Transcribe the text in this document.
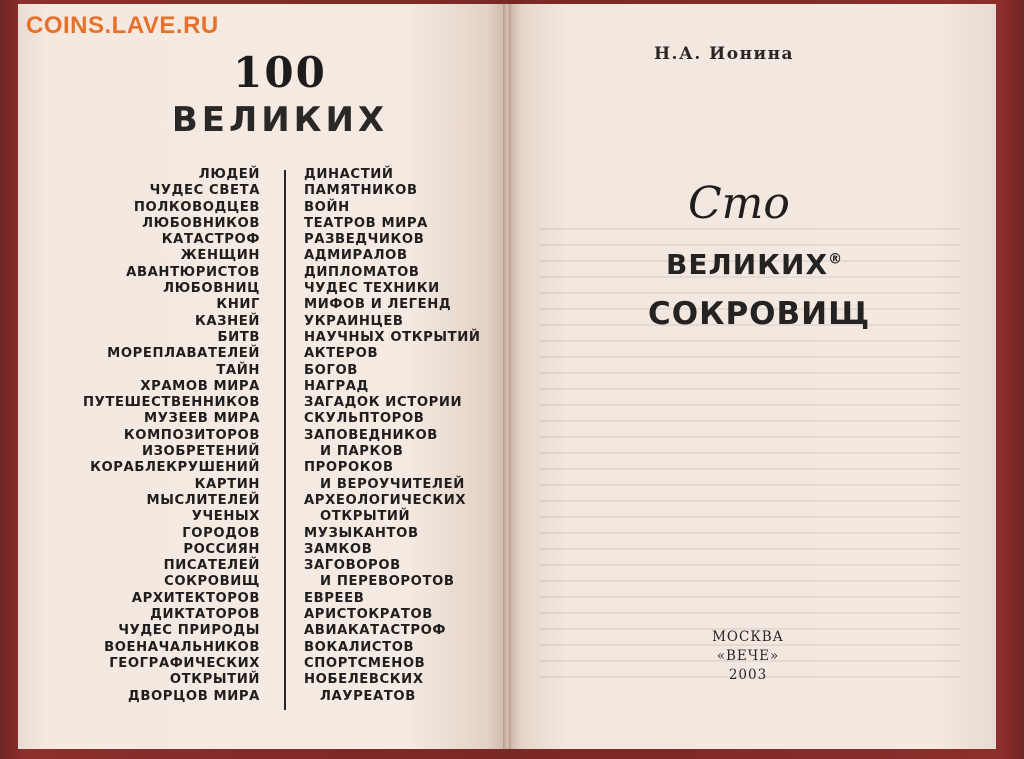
COINS.LAVE.RU
100
ВЕЛИКИХ
ЛЮДЕЙ
ЧУДЕС СВЕТА
ПОЛКОВОДЦЕВ
ЛЮБОВНИКОВ
КАТАСТРОФ
ЖЕНЩИН
АВАНТЮРИСТОВ
ЛЮБОВНИЦ
КНИГ
КАЗНЕЙ
БИТВ
МОРЕПЛАВАТЕЛЕЙ
ТАЙН
ХРАМОВ МИРА
ПУТЕШЕСТВЕННИКОВ
МУЗЕЕВ МИРА
КОМПОЗИТОРОВ
ИЗОБРЕТЕНИЙ
КОРАБЛЕКРУШЕНИЙ
КАРТИН
МЫСЛИТЕЛЕЙ
УЧЕНЫХ
ГОРОДОВ
РОССИЯН
ПИСАТЕЛЕЙ
СОКРОВИЩ
АРХИТЕКТОРОВ
ДИКТАТОРОВ
ЧУДЕС ПРИРОДЫ
ВОЕНАЧАЛЬНИКОВ
ГЕОГРАФИЧЕСКИХ
ОТКРЫТИЙ
ДВОРЦОВ МИРА
ДИНАСТИЙ
ПАМЯТНИКОВ
ВОЙН
ТЕАТРОВ МИРА
РАЗВЕДЧИКОВ
АДМИРАЛОВ
ДИПЛОМАТОВ
ЧУДЕС ТЕХНИКИ
МИФОВ И ЛЕГЕНД
УКРАИНЦЕВ
НАУЧНЫХ ОТКРЫТИЙ
АКТЕРОВ
БОГОВ
НАГРАД
ЗАГАДОК ИСТОРИИ
СКУЛЬПТОРОВ
ЗАПОВЕДНИКОВ
И ПАРКОВ
ПРОРОКОВ
И ВЕРОУЧИТЕЛЕЙ
АРХЕОЛОГИЧЕСКИХ
ОТКРЫТИЙ
МУЗЫКАНТОВ
ЗАМКОВ
ЗАГОВОРОВ
И ПЕРЕВОРОТОВ
ЕВРЕЕВ
АРИСТОКРАТОВ
АВИАКАТАСТРОФ
ВОКАЛИСТОВ
СПОРТСМЕНОВ
НОБЕЛЕВСКИХ
ЛАУРЕАТОВ
Н.А. Ионина
Сто
ВЕЛИКИХ®
СОКРОВИЩ
МОСКВА
«ВЕЧЕ»
2003
